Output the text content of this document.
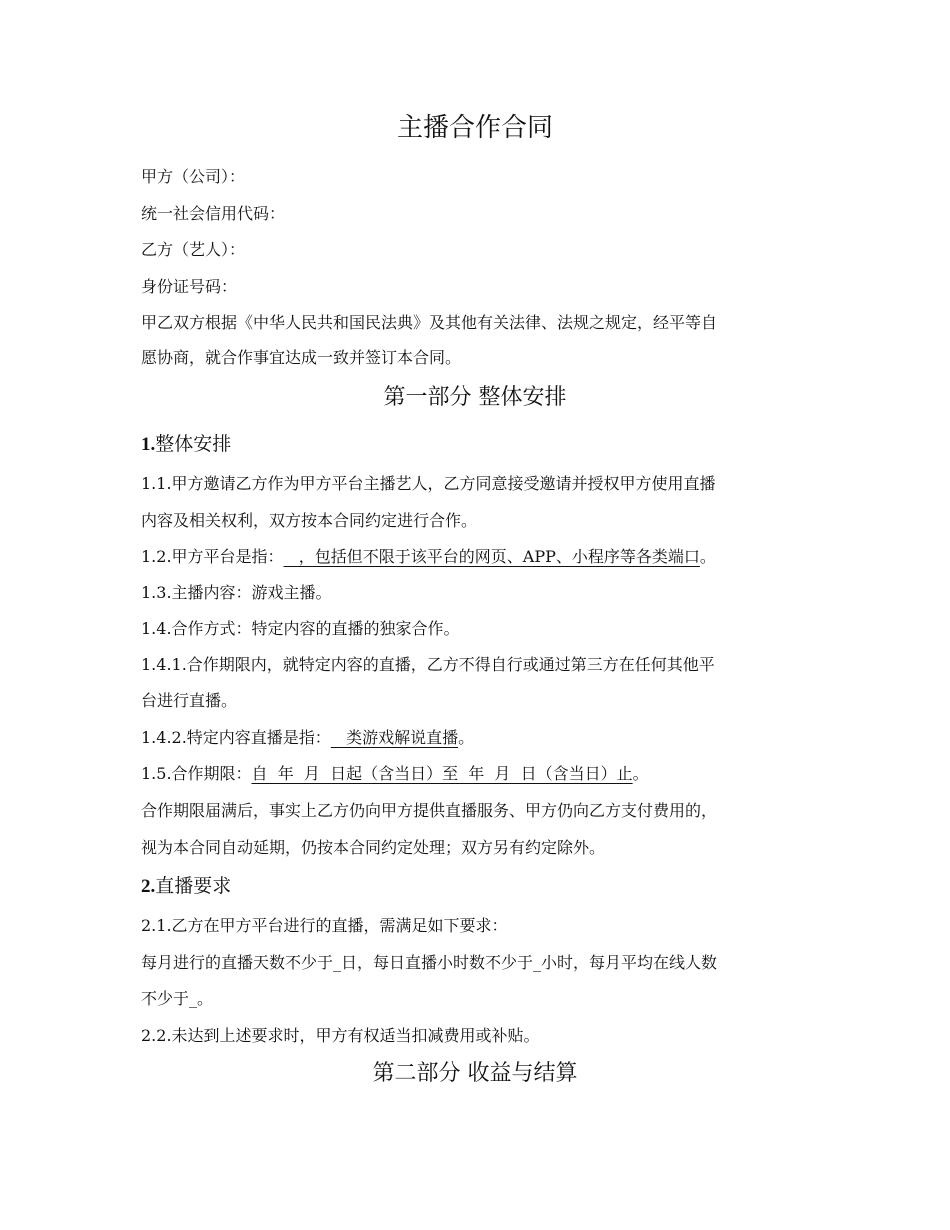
主播合作合同
甲方（公司）：
统一社会信用代码：
乙方（艺人）：
身份证号码：
甲乙双方根据《中华人民共和国民法典》及其他有关法律、法规之规定，经平等自
愿协商，就合作事宜达成一致并签订本合同。
第一部分 整体安排
1.整体安排
1.1.甲方邀请乙方作为甲方平台主播艺人，乙方同意接受邀请并授权甲方使用直播
内容及相关权利，双方按本合同约定进行合作。
1.2.甲方平台是指：   ，包括但不限于该平台的网页、APP、小程序等各类端口。
1.3.主播内容：游戏主播。
1.4.合作方式：特定内容的直播的独家合作。
1.4.1.合作期限内，就特定内容的直播，乙方不得自行或通过第三方在任何其他平
台进行直播。
1.4.2.特定内容直播是指：   类游戏解说直播。
1.5.合作期限：自  年  月  日起（含当日）至  年  月  日（含当日）止。
合作期限届满后，事实上乙方仍向甲方提供直播服务、甲方仍向乙方支付费用的，
视为本合同自动延期，仍按本合同约定处理；双方另有约定除外。
2.直播要求
2.1.乙方在甲方平台进行的直播，需满足如下要求：
每月进行的直播天数不少于_日，每日直播小时数不少于_小时，每月平均在线人数
不少于_。
2.2.未达到上述要求时，甲方有权适当扣减费用或补贴。
第二部分 收益与结算
